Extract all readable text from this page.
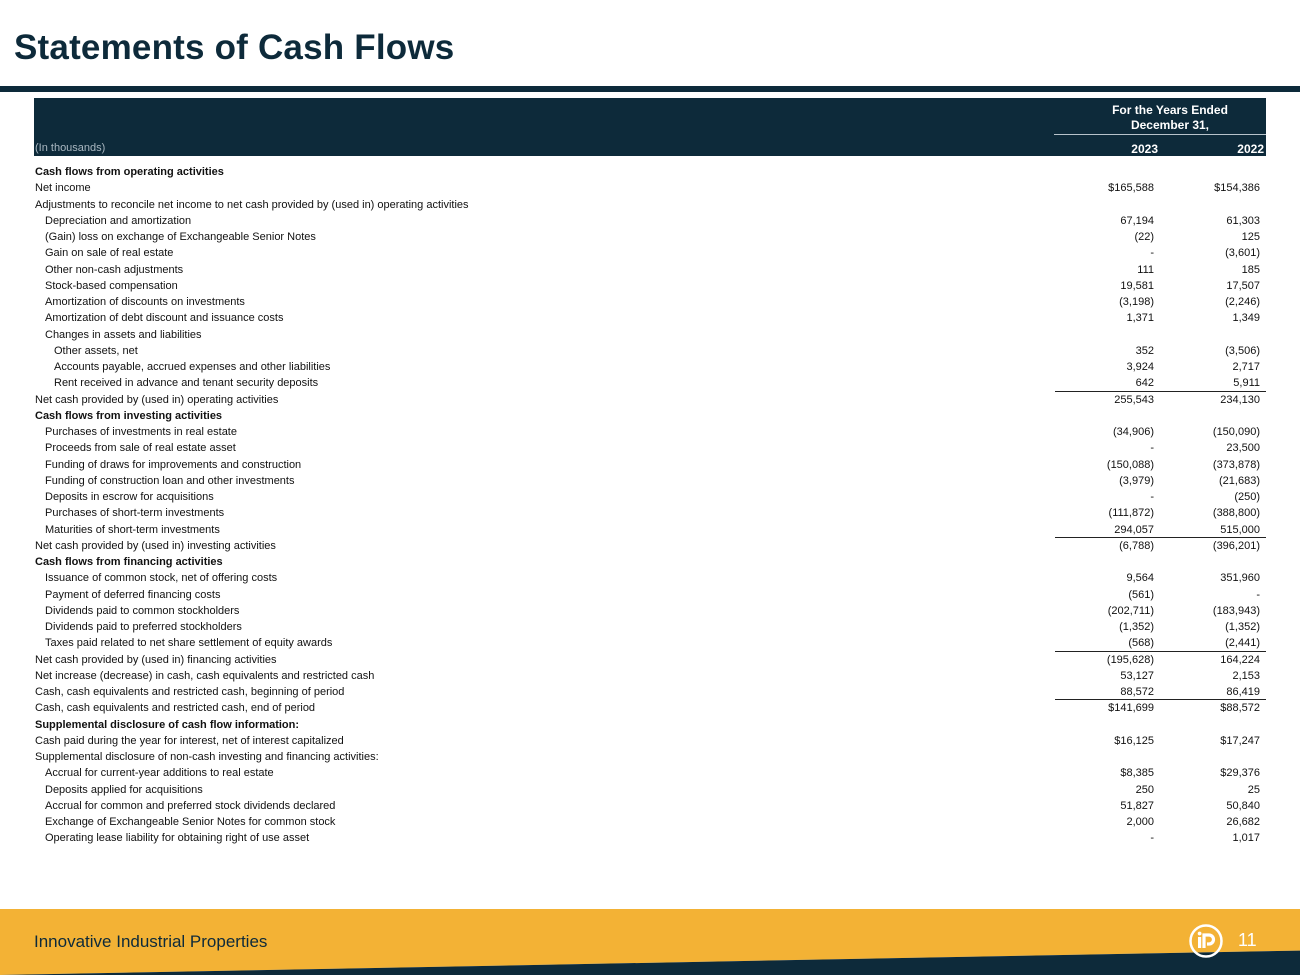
Statements of Cash Flows
For the Years Ended
December 31,
(In thousands)	2023	2022
Cash flows from operating activities
Net income	$165,588	$154,386
Adjustments to reconcile net income to net cash provided by (used in) operating activities
Depreciation and amortization	67,194	61,303
(Gain) loss on exchange of Exchangeable Senior Notes	(22)	125
Gain on sale of real estate	-	(3,601)
Other non-cash adjustments	111	185
Stock-based compensation	19,581	17,507
Amortization of discounts on investments	(3,198)	(2,246)
Amortization of debt discount and issuance costs	1,371	1,349
Changes in assets and liabilities
Other assets, net	352	(3,506)
Accounts payable, accrued expenses and other liabilities	3,924	2,717
Rent received in advance and tenant security deposits	642	5,911
Net cash provided by (used in) operating activities	255,543	234,130
Cash flows from investing activities
Purchases of investments in real estate	(34,906)	(150,090)
Proceeds from sale of real estate asset	-	23,500
Funding of draws for improvements and construction	(150,088)	(373,878)
Funding of construction loan and other investments	(3,979)	(21,683)
Deposits in escrow for acquisitions	-	(250)
Purchases of short-term investments	(111,872)	(388,800)
Maturities of short-term investments	294,057	515,000
Net cash provided by (used in) investing activities	(6,788)	(396,201)
Cash flows from financing activities
Issuance of common stock, net of offering costs	9,564	351,960
Payment of deferred financing costs	(561)	-
Dividends paid to common stockholders	(202,711)	(183,943)
Dividends paid to preferred stockholders	(1,352)	(1,352)
Taxes paid related to net share settlement of equity awards	(568)	(2,441)
Net cash provided by (used in) financing activities	(195,628)	164,224
Net increase (decrease) in cash, cash equivalents and restricted cash	53,127	2,153
Cash, cash equivalents and restricted cash, beginning of period	88,572	86,419
Cash, cash equivalents and restricted cash, end of period	$141,699	$88,572
Supplemental disclosure of cash flow information:
Cash paid during the year for interest, net of interest capitalized	$16,125	$17,247
Supplemental disclosure of non-cash investing and financing activities:
Accrual for current-year additions to real estate	$8,385	$29,376
Deposits applied for acquisitions	250	25
Accrual for common and preferred stock dividends declared	51,827	50,840
Exchange of Exchangeable Senior Notes for common stock	2,000	26,682
Operating lease liability for obtaining right of use asset	-	1,017
Innovative Industrial Properties	11
